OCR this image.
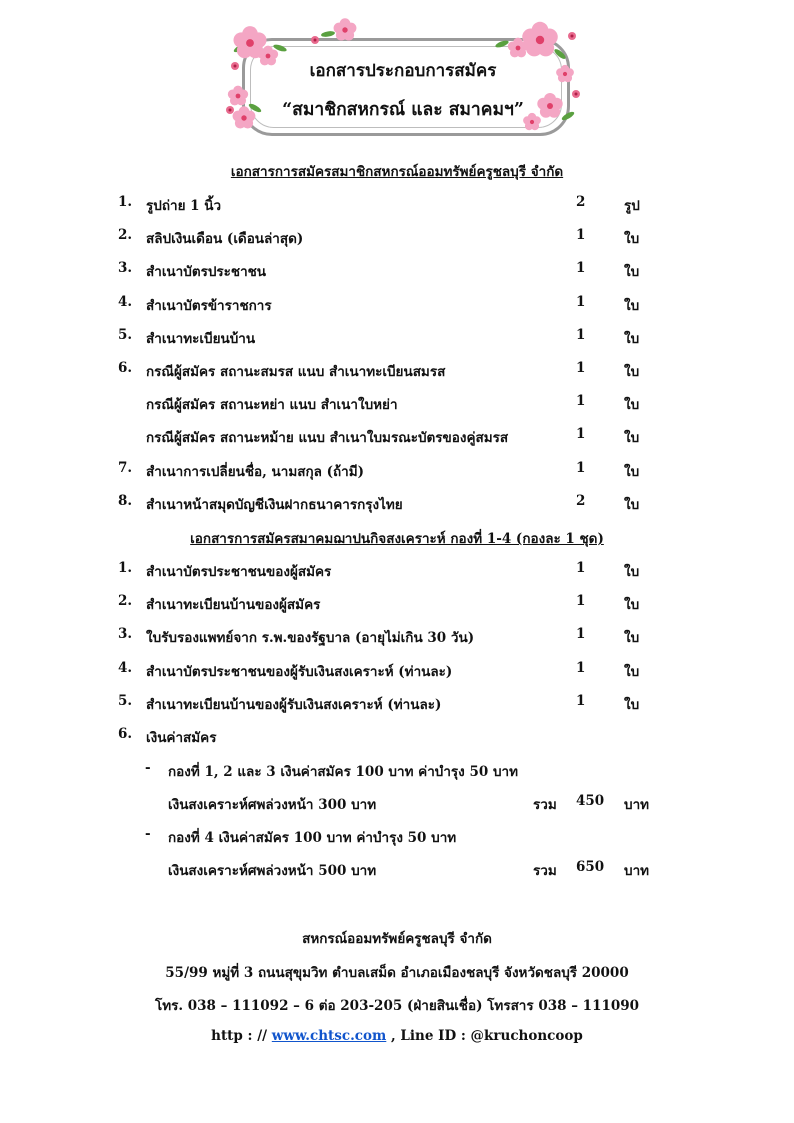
เอกสารประกอบการสมัคร
“สมาชิกสหกรณ์ และ สมาคมฯ”
เอกสารการสมัครสมาชิกสหกรณ์ออมทรัพย์ครูชลบุรี จำกัด
1. รูปถ่าย 1 นิ้ว	2	รูป
2. สลิปเงินเดือน (เดือนล่าสุด)	1	ใบ
3. สำเนาบัตรประชาชน	1	ใบ
4. สำเนาบัตรข้าราชการ	1	ใบ
5. สำเนาทะเบียนบ้าน	1	ใบ
6. กรณีผู้สมัคร สถานะสมรส แนบ สำเนาทะเบียนสมรส	1	ใบ
กรณีผู้สมัคร สถานะหย่า แนบ สำเนาใบหย่า	1	ใบ
กรณีผู้สมัคร สถานะหม้าย แนบ สำเนาใบมรณะบัตรของคู่สมรส	1	ใบ
7. สำเนาการเปลี่ยนชื่อ, นามสกุล (ถ้ามี)	1	ใบ
8. สำเนาหน้าสมุดบัญชีเงินฝากธนาคารกรุงไทย	2	ใบ
เอกสารการสมัครสมาคมฌาปนกิจสงเคราะห์ กองที่ 1-4 (กองละ 1 ชุด)
1. สำเนาบัตรประชาชนของผู้สมัคร	1	ใบ
2. สำเนาทะเบียนบ้านของผู้สมัคร	1	ใบ
3. ใบรับรองแพทย์จาก ร.พ.ของรัฐบาล (อายุไม่เกิน 30 วัน)	1	ใบ
4. สำเนาบัตรประชาชนของผู้รับเงินสงเคราะห์ (ท่านละ)	1	ใบ
5. สำเนาทะเบียนบ้านของผู้รับเงินสงเคราะห์ (ท่านละ)	1	ใบ
6. เงินค่าสมัคร
- กองที่ 1, 2 และ 3 เงินค่าสมัคร 100 บาท ค่าบำรุง 50 บาท
เงินสงเคราะห์ศพล่วงหน้า 300 บาท	รวม 450 บาท
- กองที่ 4 เงินค่าสมัคร 100 บาท ค่าบำรุง 50 บาท
เงินสงเคราะห์ศพล่วงหน้า 500 บาท	รวม 650 บาท
สหกรณ์ออมทรัพย์ครูชลบุรี จำกัด
55/99 หมู่ที่ 3 ถนนสุขุมวิท ตำบลเสม็ด อำเภอเมืองชลบุรี จังหวัดชลบุรี 20000
โทร. 038 – 111092 – 6 ต่อ 203-205 (ฝ่ายสินเชื่อ) โทรสาร 038 – 111090
http : // www.chtsc.com , Line ID : @kruchoncoop
